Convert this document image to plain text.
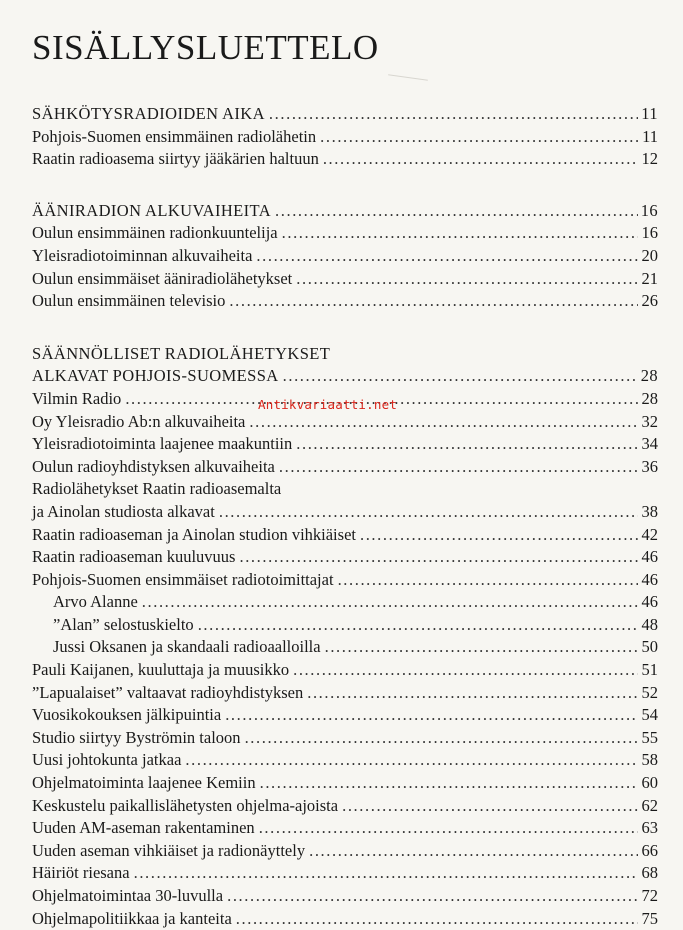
SISÄLLYSLUETTELO
SÄHKÖTYSRADIOIDEN AIKA .....	11
Pohjois-Suomen ensimmäinen radiolähetin .....	11
Raatin radioasema siirtyy jääkärien haltuun .....	12
ÄÄNIRADION ALKUVAIHEITA .....	16
Oulun ensimmäinen radionkuuntelija .....	16
Yleisradiotoiminnan alkuvaiheita .....	20
Oulun ensimmäiset ääniradiolähetykset .....	21
Oulun ensimmäinen televisio .....	26
SÄÄNNÖLLISET RADIOLÄHETYKSET
ALKAVAT POHJOIS-SUOMESSA .....	28
Vilmin Radio .....	28
Oy Yleisradio Ab:n alkuvaiheita .....	32
Yleisradiotoiminta laajenee maakuntiin .....	34
Oulun radioyhdistyksen alkuvaiheita .....	36
Radiolähetykset Raatin radioasemalta
ja Ainolan studiosta alkavat .....	38
Raatin radioaseman ja Ainolan studion vihkiäiset .....	42
Raatin radioaseman kuuluvuus .....	46
Pohjois-Suomen ensimmäiset radiotoimittajat .....	46
Arvo Alanne .....	46
”Alan” selostuskielto .....	48
Jussi Oksanen ja skandaali radioaalloilla .....	50
Pauli Kaijanen, kuuluttaja ja muusikko .....	51
”Lapualaiset” valtaavat radioyhdistyksen .....	52
Vuosikokouksen jälkipuintia .....	54
Studio siirtyy Byströmin taloon .....	55
Uusi johtokunta jatkaa .....	58
Ohjelmatoiminta laajenee Kemiin .....	60
Keskustelu paikallislähetysten ohjelma-ajoista .....	62
Uuden AM-aseman rakentaminen .....	63
Uuden aseman vihkiäiset ja radionäyttely .....	66
Häiriöt riesana .....	68
Ohjelmatoimintaa 30-luvulla .....	72
Ohjelmapolitiikkaa ja kanteita .....	75
Antikvariaatti.net
